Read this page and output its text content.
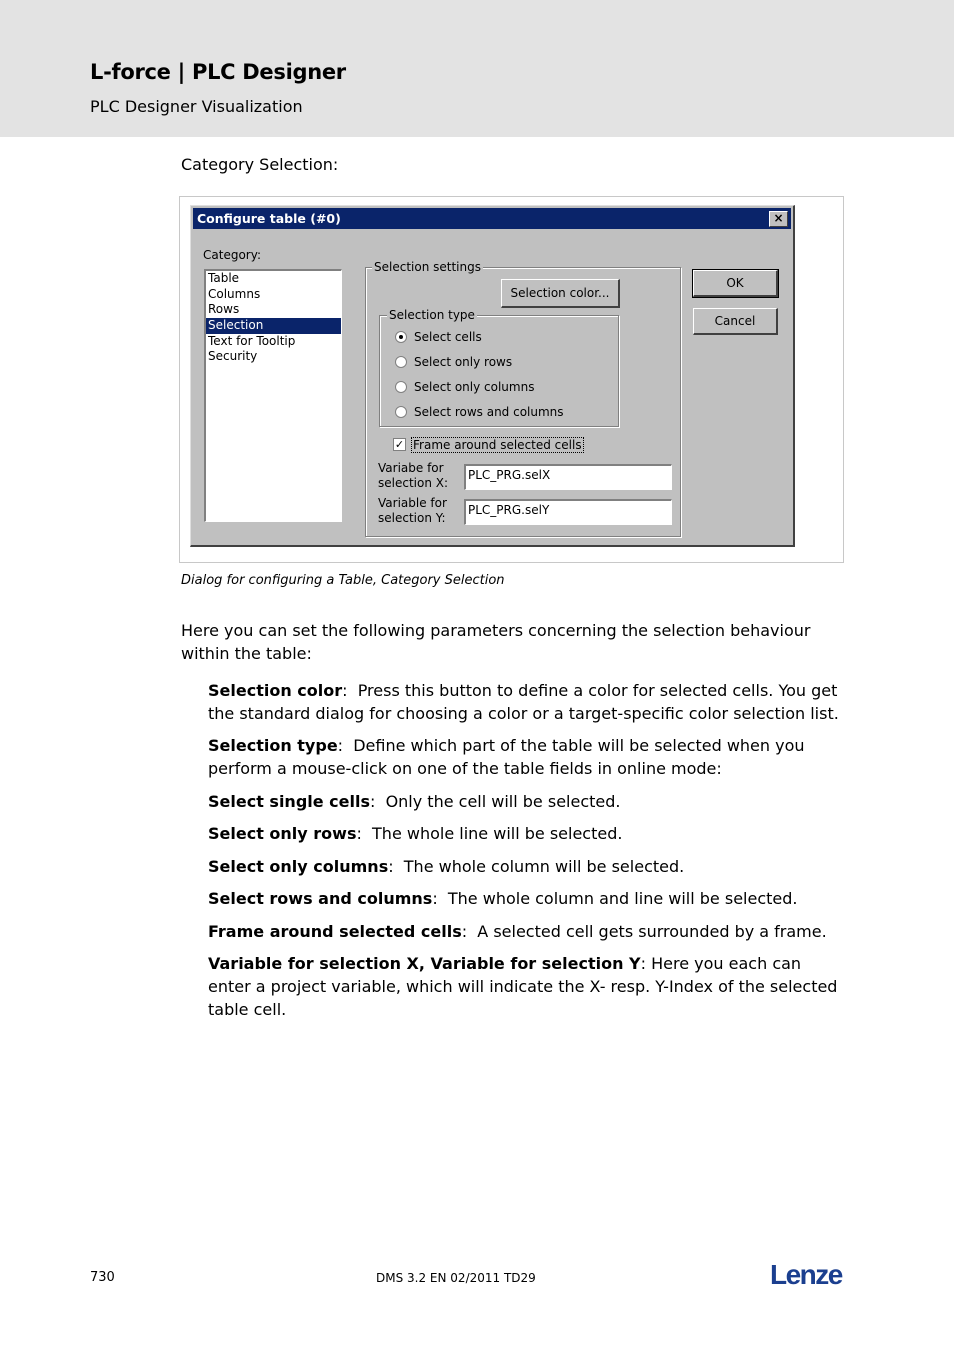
L-force | PLC Designer
PLC Designer Visualization
Category Selection:
Configure table (#0)	×
Category:
Table
Columns
Rows
Selection
Text for Tooltip
Security
Selection settings
Selection color...
OK
Cancel
Selection type
Select cells
Select only rows
Select only columns
Select rows and columns
✓ Frame around selected cells
Variabe for
selection X:
PLC_PRG.selX
Variable for
selection Y:
PLC_PRG.selY
Dialog for configuring a Table, Category Selection
Here you can set the following parameters concerning the selection behaviour within the table:
Selection color:  Press this button to define a color for selected cells. You get the standard dialog for choosing a color or a target-specific color selection list.
Selection type:  Define which part of the table will be selected when you perform a mouse-click on one of the table fields in online mode:
Select single cells:  Only the cell will be selected.
Select only rows:  The whole line will be selected.
Select only columns:  The whole column will be selected.
Select rows and columns:  The whole column and line will be selected.
Frame around selected cells:  A selected cell gets surrounded by a frame.
Variable for selection X, Variable for selection Y: Here you each can enter a project variable, which will indicate the X- resp. Y-Index of the selected table cell.
730	DMS 3.2 EN 02/2011 TD29	Lenze
